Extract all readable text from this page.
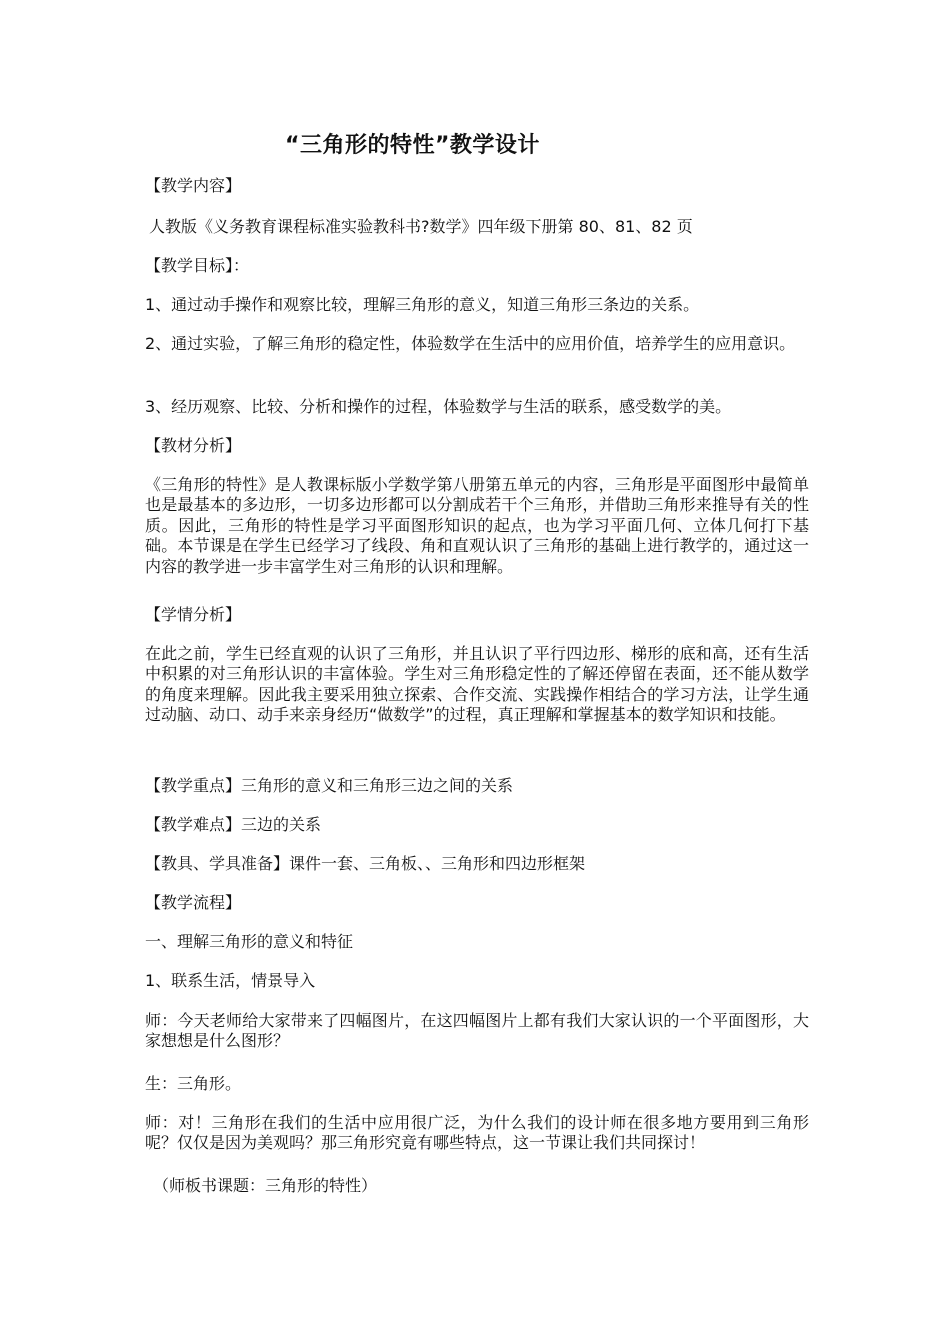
“三角形的特性”教学设计

【教学内容】

人教版《义务教育课程标准实验教科书?数学》四年级下册第 80、81、82 页

【教学目标】：

1、通过动手操作和观察比较，理解三角形的意义，知道三角形三条边的关系。

2、通过实验，了解三角形的稳定性，体验数学在生活中的应用价值，培养学生的应用意识。

3、经历观察、比较、分析和操作的过程，体验数学与生活的联系，感受数学的美。

【教材分析】

《三角形的特性》是人教课标版小学数学第八册第五单元的内容，三角形是平面图形中最简单也是最基本的多边形，一切多边形都可以分割成若干个三角形，并借助三角形来推导有关的性质。因此，三角形的特性是学习平面图形知识的起点，也为学习平面几何、立体几何打下基础。本节课是在学生已经学习了线段、角和直观认识了三角形的基础上进行教学的，通过这一内容的教学进一步丰富学生对三角形的认识和理解。

【学情分析】

在此之前，学生已经直观的认识了三角形，并且认识了平行四边形、梯形的底和高，还有生活中积累的对三角形认识的丰富体验。学生对三角形稳定性的了解还停留在表面，还不能从数学的角度来理解。因此我主要采用独立探索、合作交流、实践操作相结合的学习方法，让学生通过动脑、动口、动手来亲身经历“做数学”的过程，真正理解和掌握基本的数学知识和技能。

【教学重点】三角形的意义和三角形三边之间的关系

【教学难点】三边的关系

【教具、学具准备】课件一套、三角板、、三角形和四边形框架

【教学流程】

一、理解三角形的意义和特征

1、联系生活，情景导入

师：今天老师给大家带来了四幅图片，在这四幅图片上都有我们大家认识的一个平面图形，大家想想是什么图形？

生：三角形。

师：对！三角形在我们的生活中应用很广泛，为什么我们的设计师在很多地方要用到三角形呢？仅仅是因为美观吗？那三角形究竟有哪些特点，这一节课让我们共同探讨！

（师板书课题：三角形的特性）
